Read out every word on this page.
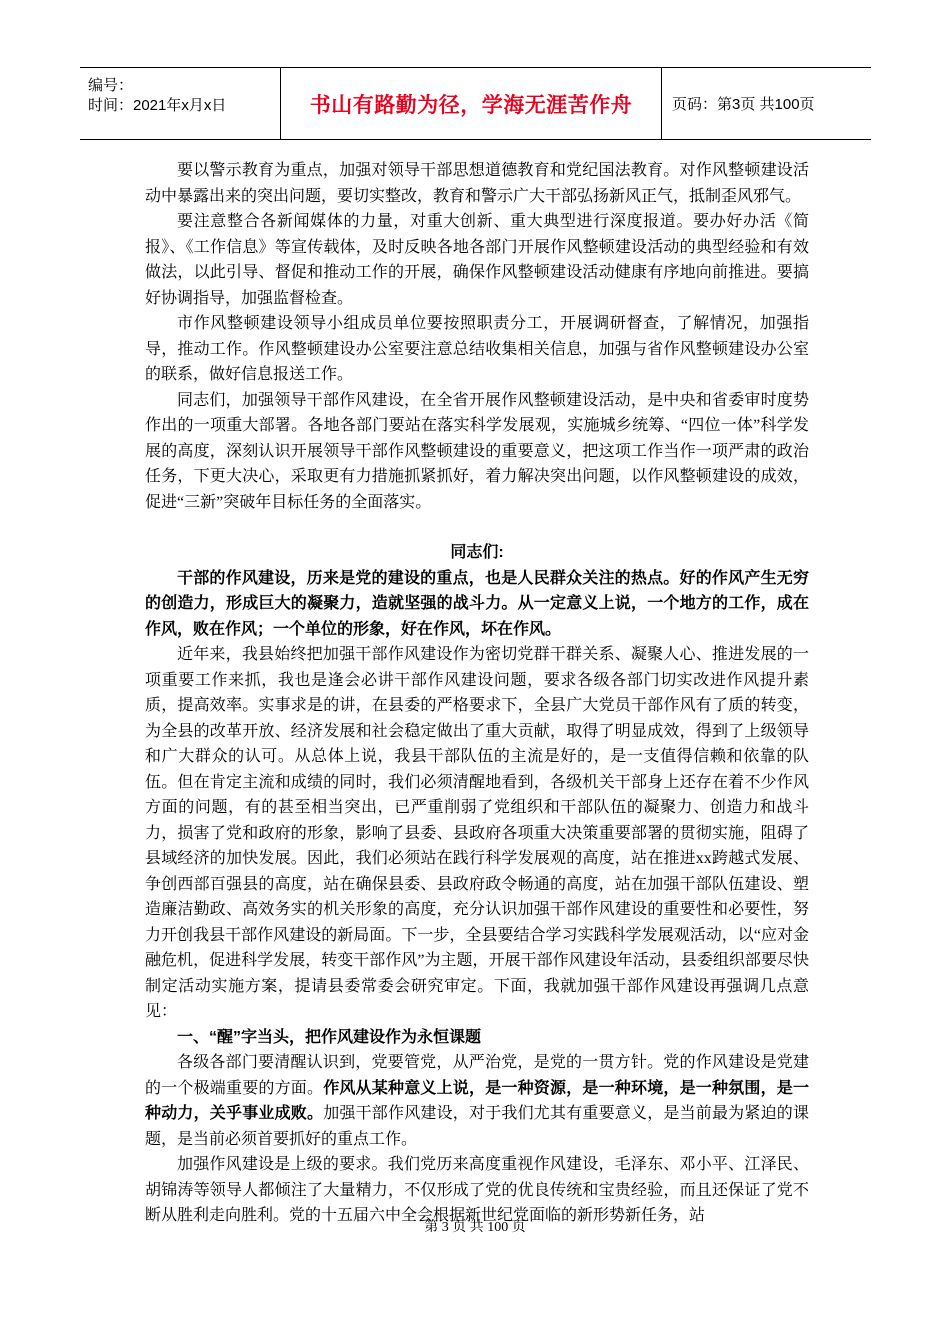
编号：
时间：2021年x月x日	书山有路勤为径，学海无涯苦作舟	页码：第3页 共100页

要以警示教育为重点，加强对领导干部思想道德教育和党纪国法教育。对作风整顿建设活动中暴露出来的突出问题，要切实整改，教育和警示广大干部弘扬新风正气，抵制歪风邪气。

要注意整合各新闻媒体的力量，对重大创新、重大典型进行深度报道。要办好办活《简报》、《工作信息》等宣传载体，及时反映各地各部门开展作风整顿建设活动的典型经验和有效做法，以此引导、督促和推动工作的开展，确保作风整顿建设活动健康有序地向前推进。要搞好协调指导，加强监督检查。

市作风整顿建设领导小组成员单位要按照职责分工，开展调研督查，了解情况，加强指导，推动工作。作风整顿建设办公室要注意总结收集相关信息，加强与省作风整顿建设办公室的联系，做好信息报送工作。

同志们，加强领导干部作风建设，在全省开展作风整顿建设活动，是中央和省委审时度势作出的一项重大部署。各地各部门要站在落实科学发展观，实施城乡统筹、“四位一体”科学发展的高度，深刻认识开展领导干部作风整顿建设的重要意义，把这项工作当作一项严肃的政治任务，下更大决心，采取更有力措施抓紧抓好，着力解决突出问题，以作风整顿建设的成效，促进“三新”突破年目标任务的全面落实。

同志们:

干部的作风建设，历来是党的建设的重点，也是人民群众关注的热点。好的作风产生无穷的创造力，形成巨大的凝聚力，造就坚强的战斗力。从一定意义上说，一个地方的工作，成在作风，败在作风；一个单位的形象，好在作风，坏在作风。

近年来，我县始终把加强干部作风建设作为密切党群干群关系、凝聚人心、推进发展的一项重要工作来抓，我也是逢会必讲干部作风建设问题，要求各级各部门切实改进作风提升素质，提高效率。实事求是的讲，在县委的严格要求下，全县广大党员干部作风有了质的转变，为全县的改革开放、经济发展和社会稳定做出了重大贡献，取得了明显成效，得到了上级领导和广大群众的认可。从总体上说，我县干部队伍的主流是好的，是一支值得信赖和依靠的队伍。但在肯定主流和成绩的同时，我们必须清醒地看到，各级机关干部身上还存在着不少作风方面的问题，有的甚至相当突出，已严重削弱了党组织和干部队伍的凝聚力、创造力和战斗力，损害了党和政府的形象，影响了县委、县政府各项重大决策重要部署的贯彻实施，阻碍了县域经济的加快发展。因此，我们必须站在践行科学发展观的高度，站在推进xx跨越式发展、争创西部百强县的高度，站在确保县委、县政府政令畅通的高度，站在加强干部队伍建设、塑造廉洁勤政、高效务实的机关形象的高度，充分认识加强干部作风建设的重要性和必要性，努力开创我县干部作风建设的新局面。下一步，全县要结合学习实践科学发展观活动，以“应对金融危机，促进科学发展，转变干部作风”为主题，开展干部作风建设年活动，县委组织部要尽快制定活动实施方案，提请县委常委会研究审定。下面，我就加强干部作风建设再强调几点意见：

一、“醒”字当头，把作风建设作为永恒课题

各级各部门要清醒认识到，党要管党，从严治党，是党的一贯方针。党的作风建设是党建的一个极端重要的方面。作风从某种意义上说，是一种资源，是一种环境，是一种氛围，是一种动力，关乎事业成败。加强干部作风建设，对于我们尤其有重要意义，是当前最为紧迫的课题，是当前必须首要抓好的重点工作。

加强作风建设是上级的要求。我们党历来高度重视作风建设，毛泽东、邓小平、江泽民、胡锦涛等领导人都倾注了大量精力，不仅形成了党的优良传统和宝贵经验，而且还保证了党不断从胜利走向胜利。党的十五届六中全会根据新世纪党面临的新形势新任务，站

第 3 页 共 100 页
